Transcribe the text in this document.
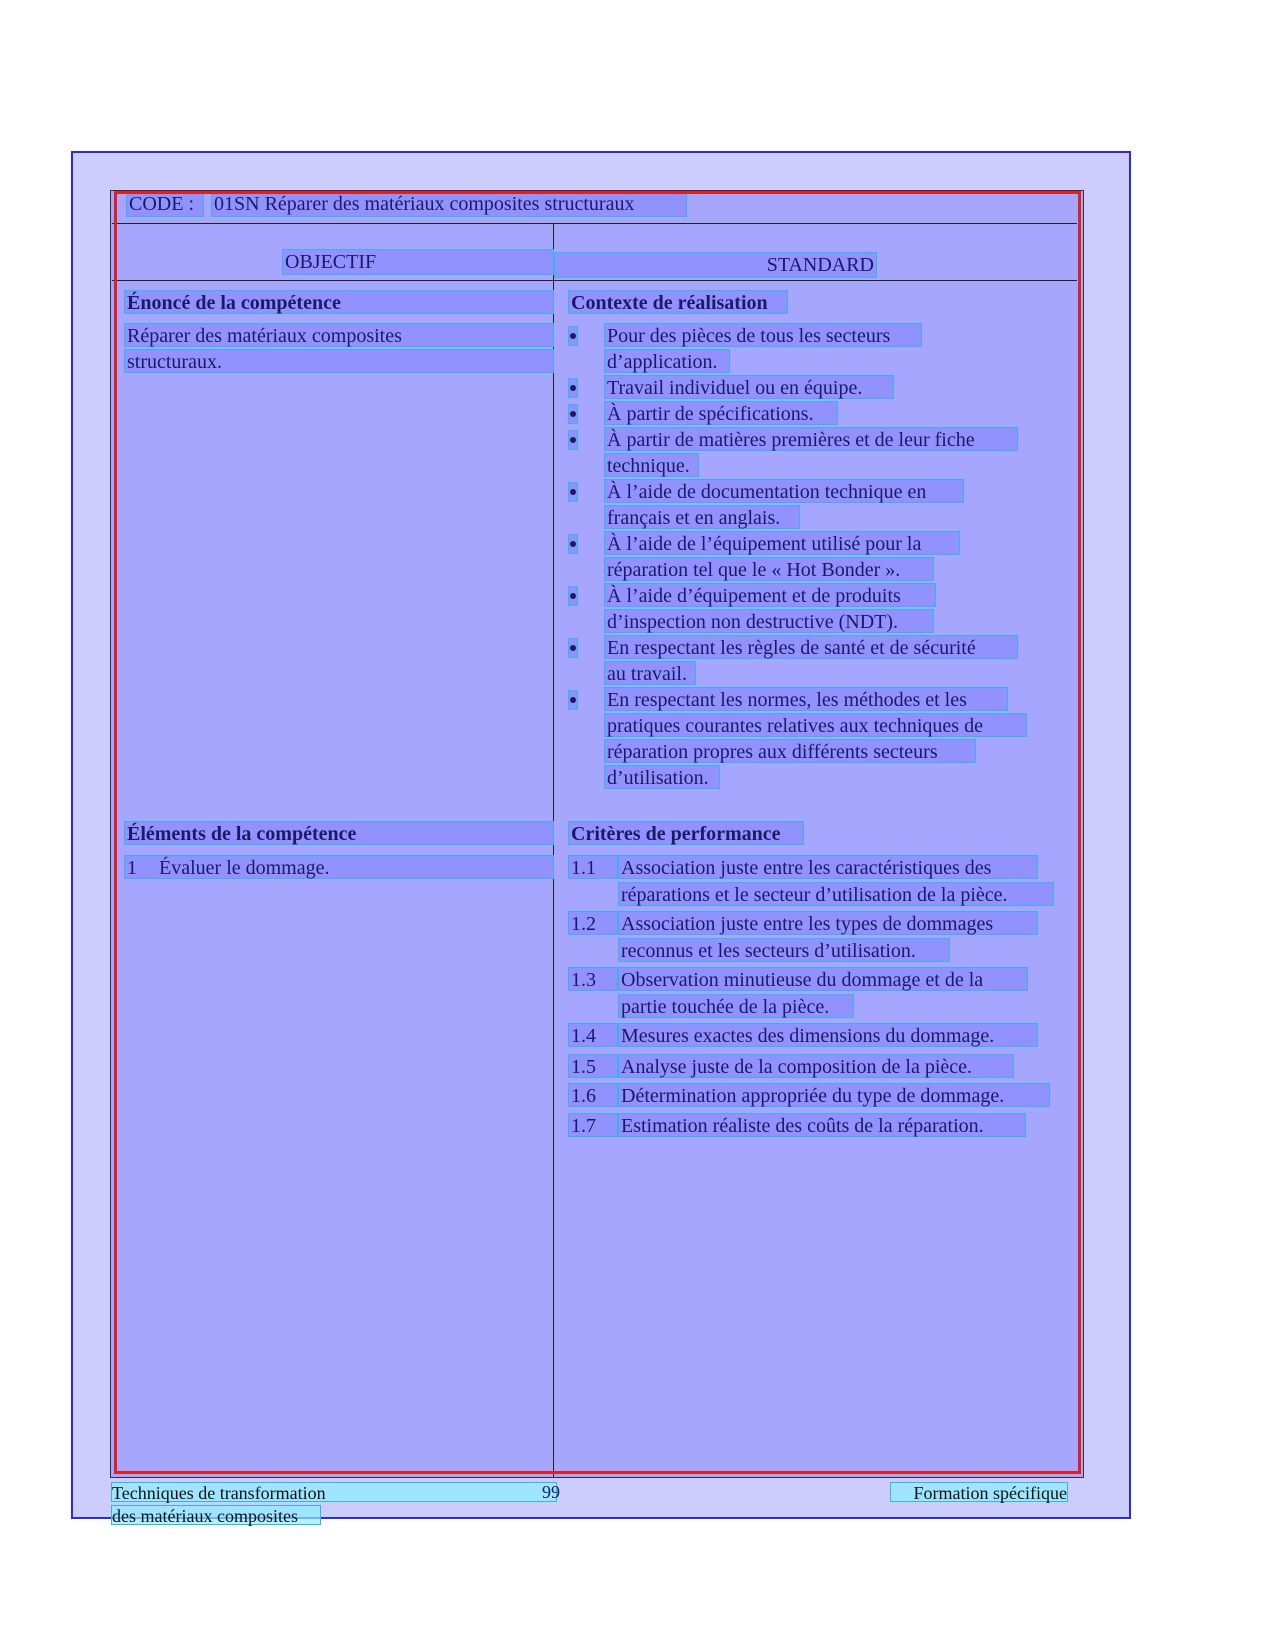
CODE :	01SN Réparer des matériaux composites structuraux
OBJECTIF	STANDARD
Énoncé de la compétence
Réparer des matériaux composites
structuraux.
Contexte de réalisation
Pour des pièces de tous les secteurs
d’application.
Travail individuel ou en équipe.
À partir de spécifications.
À partir de matières premières et de leur fiche
technique.
À l’aide de documentation technique en
français et en anglais.
À l’aide de l’équipement utilisé pour la
réparation tel que le « Hot Bonder ».
À l’aide d’équipement et de produits
d’inspection non destructive (NDT).
En respectant les règles de santé et de sécurité
au travail.
En respectant les normes, les méthodes et les
pratiques courantes relatives aux techniques de
réparation propres aux différents secteurs
d’utilisation.
Éléments de la compétence
1 Évaluer le dommage.
Critères de performance
1.1	Association juste entre les caractéristiques des
réparations et le secteur d’utilisation de la pièce.
1.2	Association juste entre les types de dommages
reconnus et les secteurs d’utilisation.
1.3	Observation minutieuse du dommage et de la
partie touchée de la pièce.
1.4	Mesures exactes des dimensions du dommage.
1.5	Analyse juste de la composition de la pièce.
1.6	Détermination appropriée du type de dommage.
1.7	Estimation réaliste des coûts de la réparation.
Techniques de transformation	99	Formation spécifique
des matériaux composites
